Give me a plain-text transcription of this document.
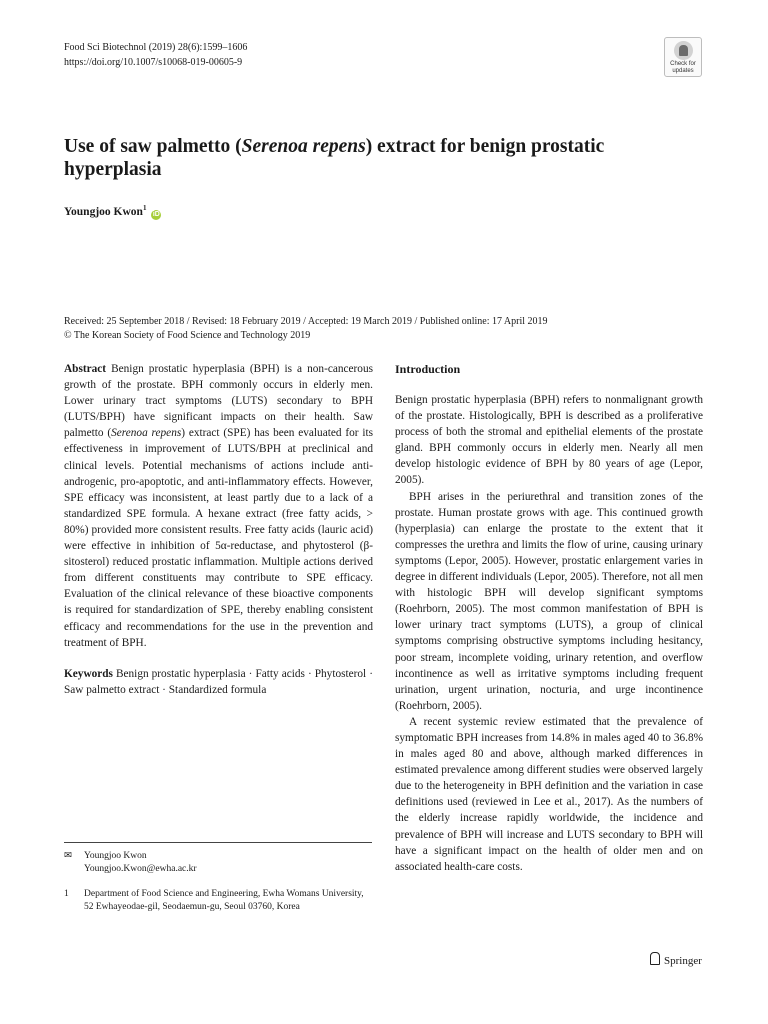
Food Sci Biotechnol (2019) 28(6):1599–1606
https://doi.org/10.1007/s10068-019-00605-9	Check for
updates
Use of saw palmetto (Serenoa repens) extract for benign prostatic hyperplasia
Youngjoo Kwon$^1$ iD
Received: 25 September 2018 / Revised: 18 February 2019 / Accepted: 19 March 2019 / Published online: 17 April 2019
© The Korean Society of Food Science and Technology 2019

Abstract Benign prostatic hyperplasia (BPH) is a non-cancerous growth of the prostate. BPH commonly occurs in elderly men. Lower urinary tract symptoms (LUTS) secondary to BPH (LUTS/BPH) have significant impacts on their health. Saw palmetto (Serenoa repens) extract (SPE) has been evaluated for its effectiveness in improvement of LUTS/BPH at preclinical and clinical levels. Potential mechanisms of actions include anti-androgenic, pro-apoptotic, and anti-inflammatory effects. However, SPE efficacy was inconsistent, at least partly due to a lack of a standardized SPE formula. A hexane extract (free fatty acids, > 80%) provided more consistent results. Free fatty acids (lauric acid) were effective in inhibition of 5α-reductase, and phytosterol (β-sitosterol) reduced prostatic inflammation. Multiple actions derived from different constituents may contribute to SPE efficacy. Evaluation of the clinical relevance of these bioactive components is required for standardization of SPE, thereby enabling consistent efficacy and recommendations for the use in the prevention and treatment of BPH.

Keywords Benign prostatic hyperplasia · Fatty acids · Phytosterol · Saw palmetto extract · Standardized formula

✉	Youngjoo Kwon
Youngjoo.Kwon@ewha.ac.kr
1	Department of Food Science and Engineering, Ewha Womans University, 52 Ewhayeodae-gil, Seodaemun-gu, Seoul 03760, Korea

Introduction

Benign prostatic hyperplasia (BPH) refers to nonmalignant growth of the prostate. Histologically, BPH is described as a proliferative process of both the stromal and epithelial elements of the prostate gland. BPH commonly occurs in elderly men. Nearly all men develop histologic evidence of BPH by 80 years of age (Lepor, 2005).

BPH arises in the periurethral and transition zones of the prostate. Human prostate grows with age. This continued growth (hyperplasia) can enlarge the prostate to the extent that it compresses the urethra and limits the flow of urine, causing urinary symptoms (Lepor, 2005). However, prostatic enlargement varies in degree in different individuals (Lepor, 2005). Therefore, not all men with histologic BPH will develop significant symptoms (Roehrborn, 2005). The most common manifestation of BPH is lower urinary tract symptoms (LUTS), a group of clinical symptoms comprising obstructive symptoms including hesitancy, poor stream, incomplete voiding, urinary retention, and overflow incontinence as well as irritative symptoms including frequent urination, urgent urination, nocturia, and urge incontinence (Roehrborn, 2005).

A recent systemic review estimated that the prevalence of symptomatic BPH increases from 14.8% in males aged 40 to 36.8% in males aged 80 and above, although marked differences in estimated prevalence among different studies were observed largely due to the heterogeneity in BPH definition and the variation in case definitions used (reviewed in Lee et al., 2017). As the numbers of the elderly increase rapidly worldwide, the incidence and prevalence of BPH will increase and LUTS secondary to BPH will have a significant impact on the health of older men and on associated health-care costs.

Springer
